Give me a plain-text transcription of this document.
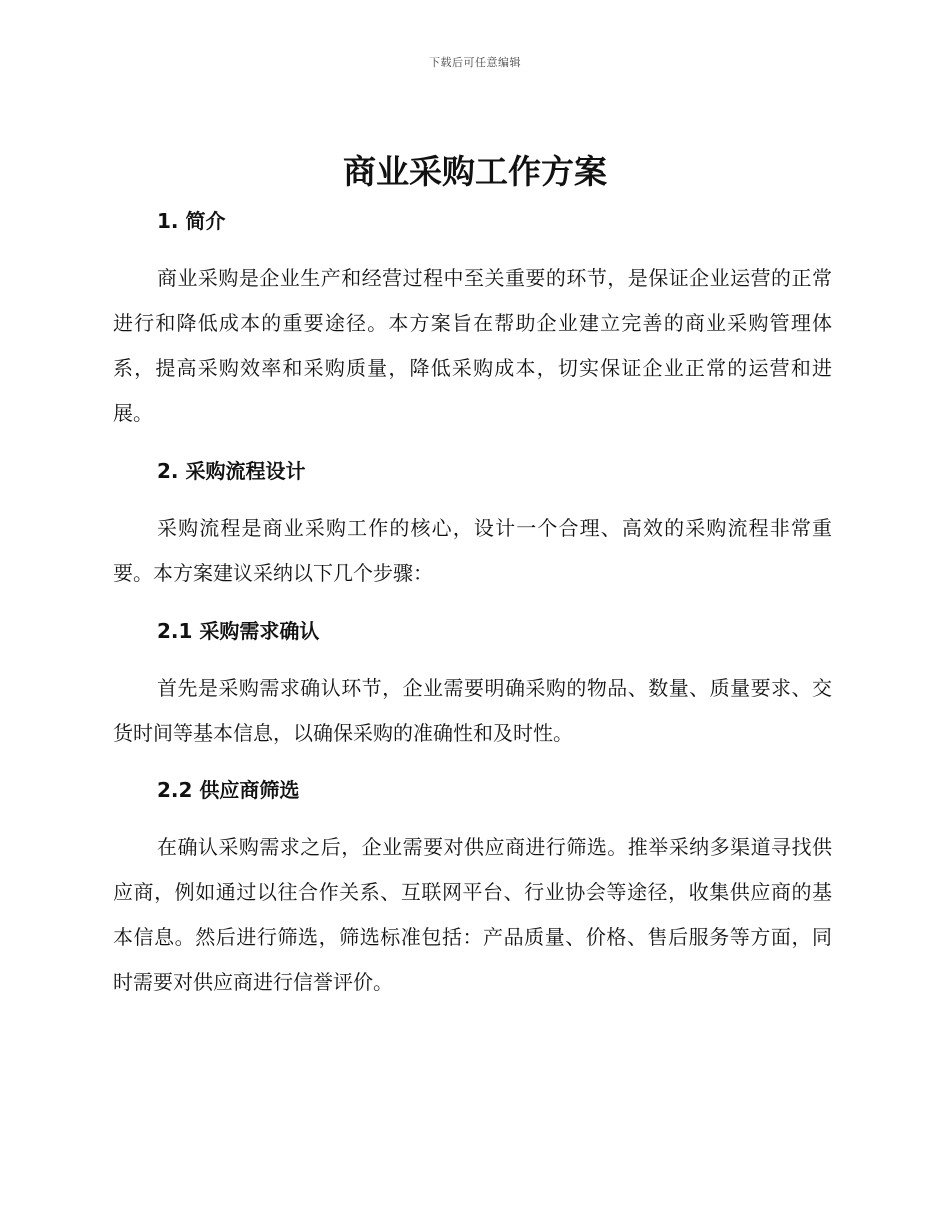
下载后可任意编辑
商业采购工作方案
1. 简介

商业采购是企业生产和经营过程中至关重要的环节，是保证企业运营的正常进行和降低成本的重要途径。本方案旨在帮助企业建立完善的商业采购管理体系，提高采购效率和采购质量，降低采购成本，切实保证企业正常的运营和进展。

2. 采购流程设计

采购流程是商业采购工作的核心，设计一个合理、高效的采购流程非常重要。本方案建议采纳以下几个步骤：

2.1 采购需求确认

首先是采购需求确认环节，企业需要明确采购的物品、数量、质量要求、交货时间等基本信息，以确保采购的准确性和及时性。

2.2 供应商筛选

在确认采购需求之后，企业需要对供应商进行筛选。推举采纳多渠道寻找供应商，例如通过以往合作关系、互联网平台、行业协会等途径，收集供应商的基本信息。然后进行筛选，筛选标准包括：产品质量、价格、售后服务等方面，同时需要对供应商进行信誉评价。
